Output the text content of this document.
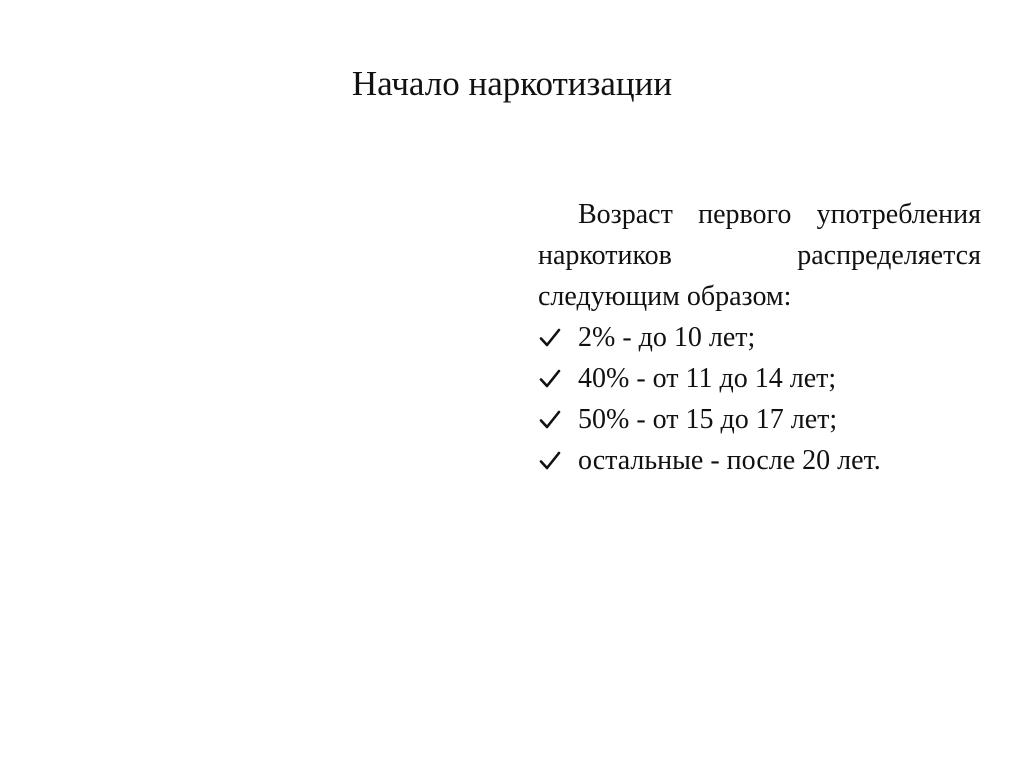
Начало наркотизации

Возраст первого употребления наркотиков распределяется следующим образом:

2% - до 10 лет;
40% - от 11 до 14 лет;
50% - от 15 до 17 лет;
остальные - после 20 лет.
